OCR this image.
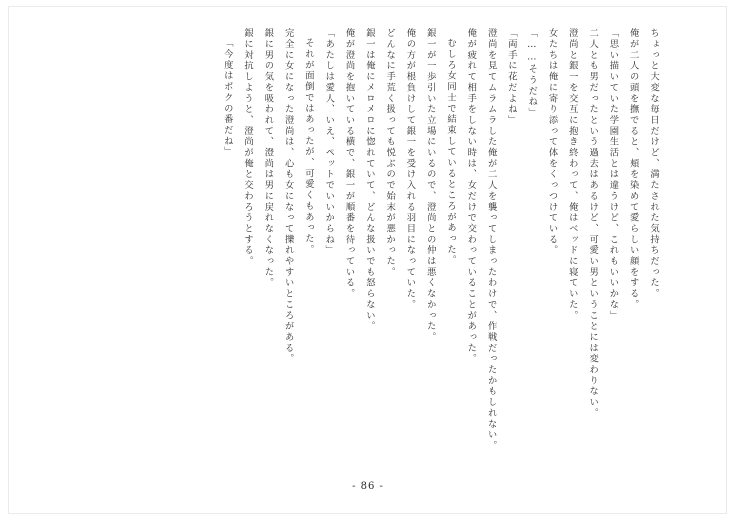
「今度はボクの番だね」 銀に対抗しようと、澄尚が俺と交わろうとする。 銀に男の気を吸われて、澄尚は男に戻れなくなった。 完全に女になった澄尚は、心も女になって擽れやすいところがある。 それが面倒ではあったが、可愛くもあった。 「あたしは愛人、いえ、ペットでいいからね」 俺が澄尚を抱いている横で、銀一が順番を待っている。 銀一は俺にメロメロに惚れていて、どんな扱いでも怒らない。 どんなに手荒く扱っても悦ぶので始末が悪かった。 俺の方が根負けして銀一を受け入れる羽目になっていた。 銀一が一歩引いた立場にいるので、澄尚との仲は悪くなかった。 むしろ女同士で結束しているところがあった。 俺が疲れて相手をしない時は、女だけで交わっていることがあった。 澄尚を見てムラムラした俺が二人を襲ってしまったわけで、作戦だったかもしれない。 「両手に花だよね」 「……そうだね」 女たちは俺に寄り添って体をくっつけている。 澄尚と銀一を交互に抱き終わって、俺はベッドに寝ていた。 二人とも男だったという過去はあるけど、可愛い男ということには変わりない。 「思い描いていた学園生活とは違うけど、これもいいかな」 俺が二人の頭を撫でると、頬を染めて愛らしい顔をする。 ちょっと大変な毎日だけど、満たされた気持ちだった。
- 86 -
